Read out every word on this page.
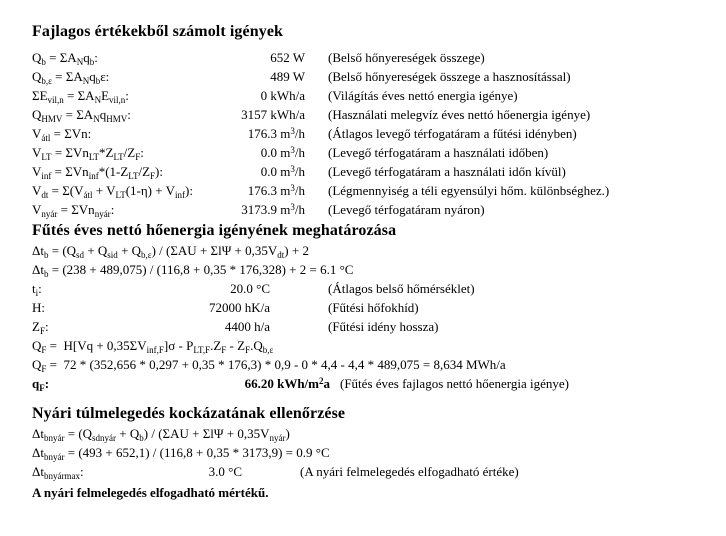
Fajlagos értékekből számolt igények
$Q_b = \Sigma A_Nq_b$:	652 W (Belső hőnyereségek összege)
$Q_{b,\varepsilon} = \Sigma A_Nq_b\varepsilon$:	489 W (Belső hőnyereségek összege a hasznosítással)
$\Sigma E_{vil,n} = \Sigma A_NE_{vil,n}$:	0 kWh/a (Világítás éves nettó energia igénye)
$Q_{HMV} = \Sigma A_Nq_{HMV}$:	3157 kWh/a (Használati melegvíz éves nettó hőenergia igénye)
$V_{átl} = \Sigma Vn$:	176.3 $m^3/h$ (Átlagos levegő térfogatáram a fűtési idényben)
$V_{LT} = \Sigma Vn_{LT}*Z_{LT}/Z_F$:	0.0 $m^3/h$ (Levegő térfogatáram a használati időben)
$V_{inf} = \Sigma Vn_{inf}*(1-Z_{LT}/Z_F)$:	0.0 $m^3/h$ (Levegő térfogatáram a használati időn kívül)
$V_{dt} = \Sigma(V_{átl} + V_{LT}(1-\eta) + V_{inf})$:	176.3 $m^3/h$ (Légmennyiség a téli egyensúlyi hőm. különbséghez.)
$V_{nyár} = \Sigma Vn_{nyár}$:	3173.9 $m^3/h$ (Levegő térfogatáram nyáron)
Fűtés éves nettó hőenergia igényének meghatározása
$\Delta t_b = (Q_{sd} + Q_{sid} + Q_{b,\varepsilon}) / (\Sigma AU + \Sigma l\Psi + 0,35V_{dt}) + 2$
$\Delta t_b = (238 + 489,075) / (116,8 + 0,35 * 176,328) + 2 = 6.1$ °C
$t_i$:	20.0 °C	(Átlagos belső hőmérséklet)
H:	72000 hK/a	(Fűtési hőfokhíd)
$Z_F$:	4400 h/a	(Fűtési idény hossza)
$Q_F = H[Vq + 0,35\Sigma V_{inf,F}]\sigma - P_{LT,F}.Z_F - Z_F.Q_{b,\varepsilon}$
$Q_F = 72 * (352,656 * 0,297 + 0,35 * 176,3) * 0,9 - 0 * 4,4 - 4,4 * 489,075 = 8,634$ MWh/a
$q_F$:	66.20 kWh/$m^2a$ (Fűtés éves fajlagos nettó hőenergia igénye)
Nyári túlmelegedés kockázatának ellenőrzése
$\Delta t_{bnyár} = (Q_{sdnyár} + Q_b) / (\Sigma AU + \Sigma l\Psi + 0,35V_{nyár})$
$\Delta t_{bnyár} = (493 + 652,1) / (116,8 + 0,35 * 3173,9) = 0.9$ °C
$\Delta t_{bnyármax}$:	3.0 °C	(A nyári felmelegedés elfogadható értéke)
A nyári felmelegedés elfogadható mértékű.
